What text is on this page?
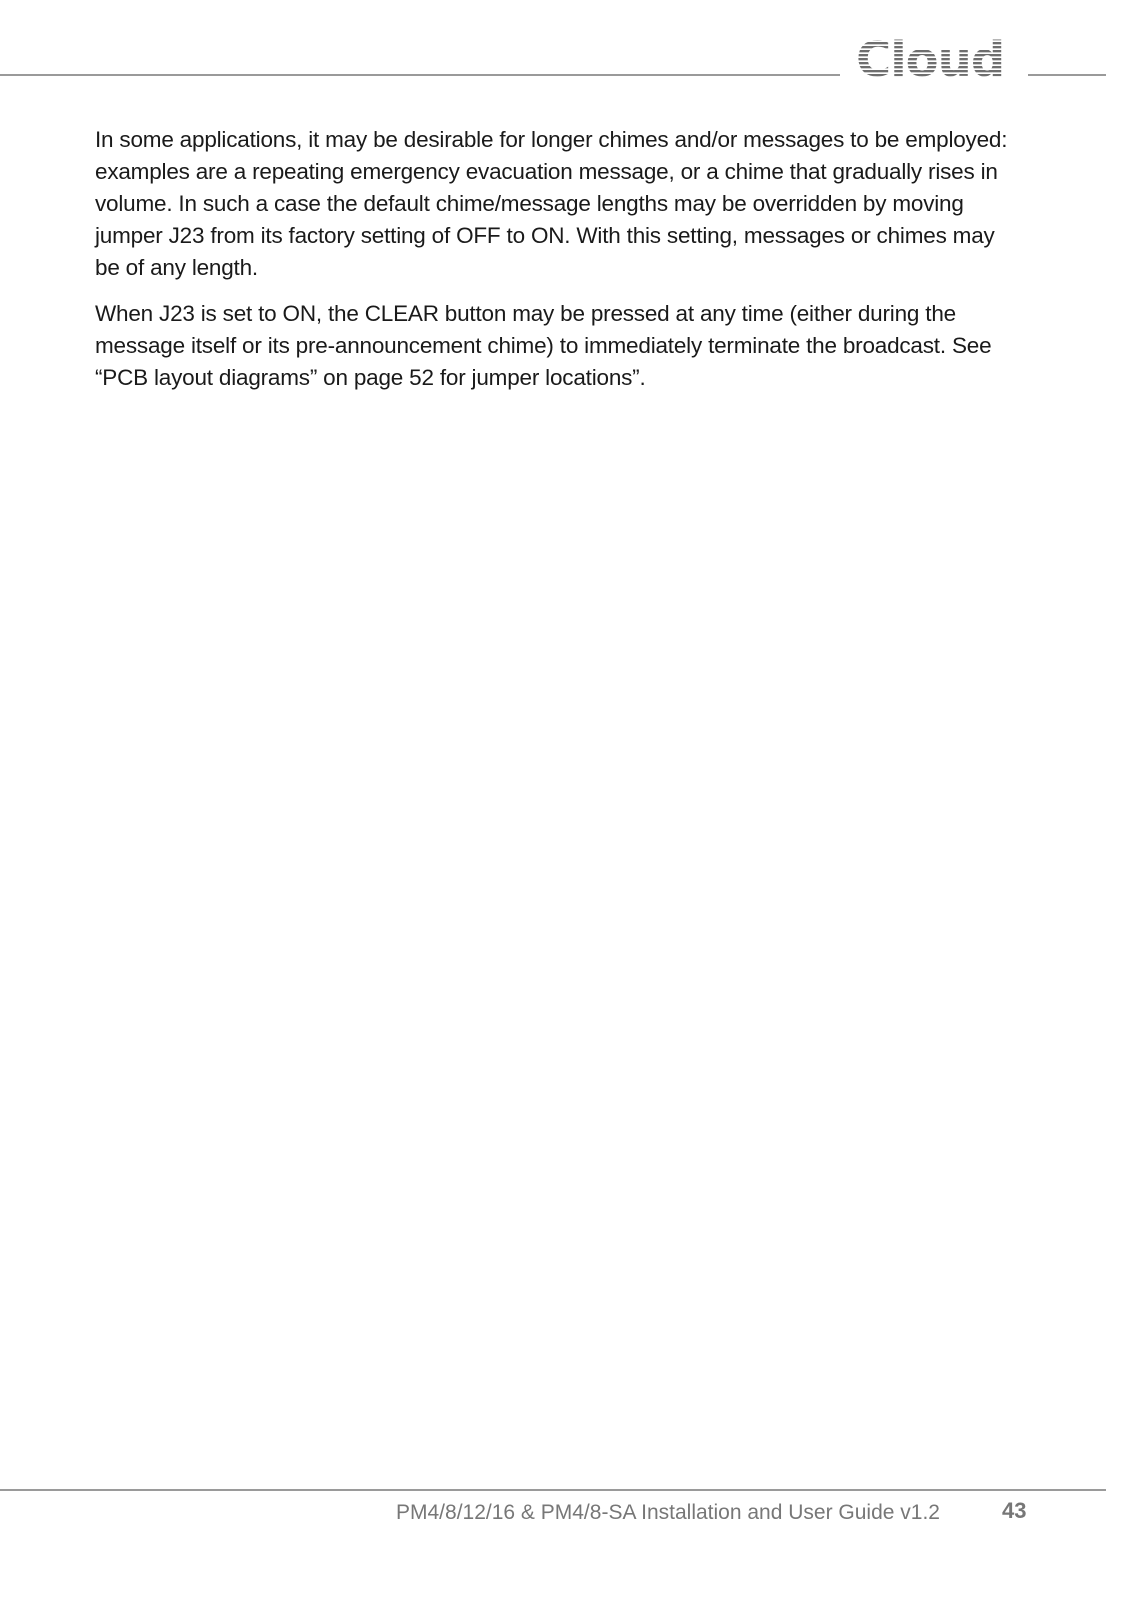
Cloud

In some applications, it may be desirable for longer chimes and/or messages to be employed: examples are a repeating emergency evacuation message, or a chime that gradually rises in volume. In such a case the default chime/message lengths may be overridden by moving jumper J23 from its factory setting of OFF to ON. With this setting, messages or chimes may be of any length.

When J23 is set to ON, the CLEAR button may be pressed at any time (either during the message itself or its pre-announcement chime) to immediately terminate the broadcast. See “PCB layout diagrams” on page 52 for jumper locations”.

PM4/8/12/16 & PM4/8-SA Installation and User Guide v1.2	43
